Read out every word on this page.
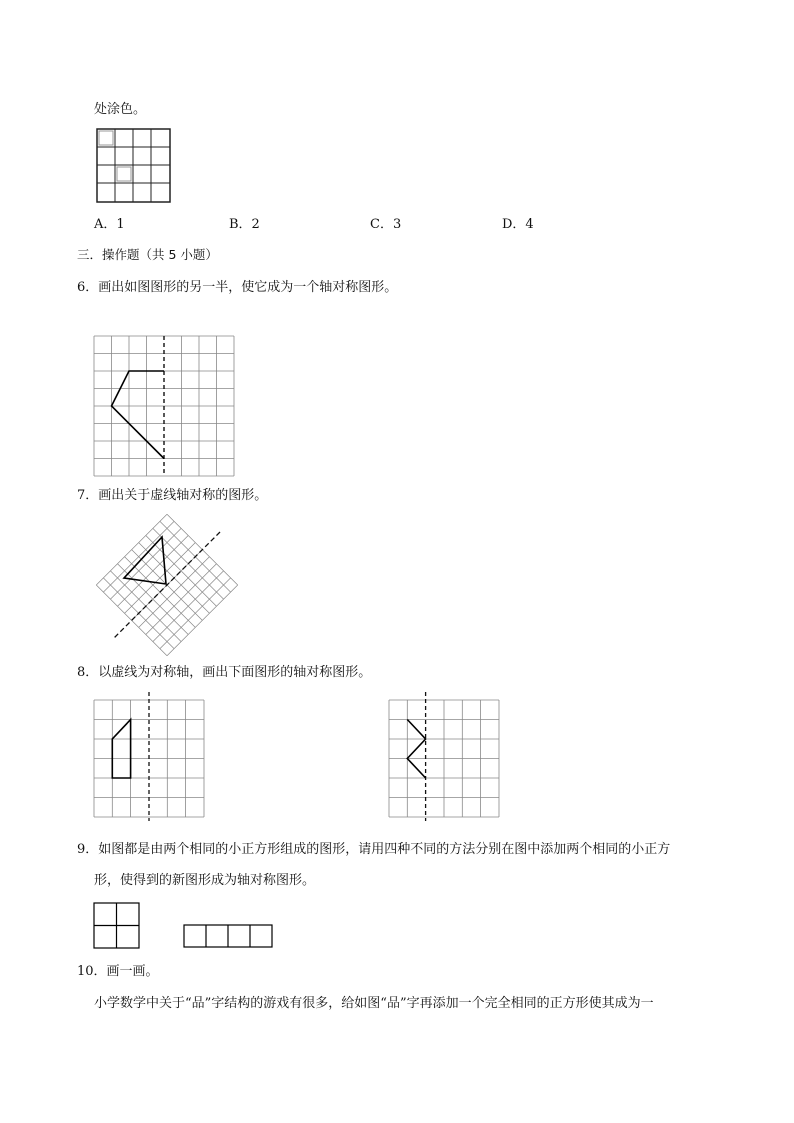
处涂色。
A．1	B．2	C．3	D．4
三．操作题（共 5 小题）
6．画出如图图形的另一半，使它成为一个轴对称图形。
7．画出关于虚线轴对称的图形。
8．以虚线为对称轴，画出下面图形的轴对称图形。
9．如图都是由两个相同的小正方形组成的图形，请用四种不同的方法分别在图中添加两个相同的小正方
形，使得到的新图形成为轴对称图形。
10．画一画。
小学数学中关于“品”字结构的游戏有很多，给如图“品”字再添加一个完全相同的正方形使其成为一
